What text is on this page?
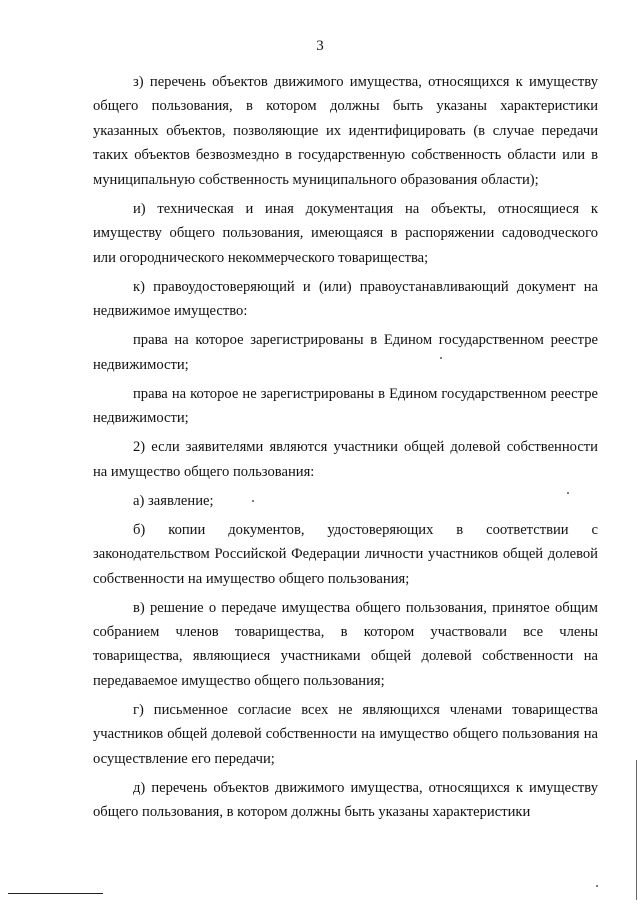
3

з) перечень объектов движимого имущества, относящихся к имуществу общего пользования, в котором должны быть указаны характеристики указанных объектов, позволяющие их идентифицировать (в случае передачи таких объектов безвозмездно в государственную собственность области или в муниципальную собственность муниципального образования области);

и) техническая и иная документация на объекты, относящиеся к имуществу общего пользования, имеющаяся в распоряжении садоводческого или огороднического некоммерческого товарищества;

к) правоудостоверяющий и (или) правоустанавливающий документ на недвижимое имущество:

права на которое зарегистрированы в Едином государственном реестре недвижимости;

права на которое не зарегистрированы в Едином государственном реестре недвижимости;

2) если заявителями являются участники общей долевой собственности на имущество общего пользования:

а) заявление;

б) копии документов, удостоверяющих в соответствии с законодательством Российской Федерации личности участников общей долевой собственности на имущество общего пользования;

в) решение о передаче имущества общего пользования, принятое общим собранием членов товарищества, в котором участвовали все члены товарищества, являющиеся участниками общей долевой собственности на передаваемое имущество общего пользования;

г) письменное согласие всех не являющихся членами товарищества участников общей долевой собственности на имущество общего пользования на осуществление его передачи;

д) перечень объектов движимого имущества, относящихся к имуществу общего пользования, в котором должны быть указаны характеристики
